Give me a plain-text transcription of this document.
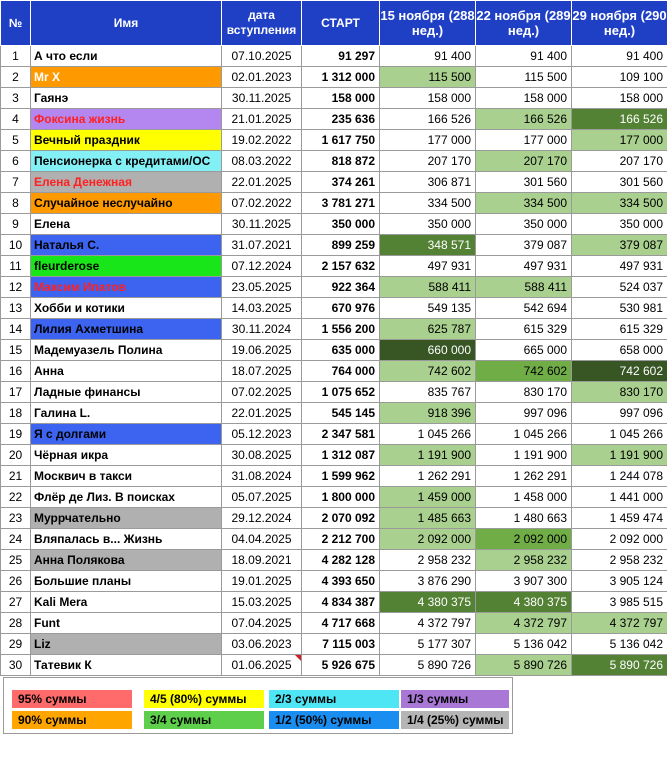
№	Имя	дата вступления	СТАРТ	15 ноября (288 нед.)	22 ноября (289 нед.)	29 ноября (290 нед.)
1	А что если	07.10.2025	91 297	91 400	91 400	91 400
2	Mr X	02.01.2023	1 312 000	115 500	115 500	109 100
3	Гаянэ	30.11.2025	158 000	158 000	158 000	158 000
4	Фоксина жизнь	21.01.2025	235 636	166 526	166 526	166 526
5	Вечный праздник	19.02.2022	1 617 750	177 000	177 000	177 000
6	Пенсионерка с кредитами/ОС	08.03.2022	818 872	207 170	207 170	207 170
7	Елена Денежная	22.01.2025	374 261	306 871	301 560	301 560
8	Случайное неслучайно	07.02.2022	3 781 271	334 500	334 500	334 500
9	Елена	30.11.2025	350 000	350 000	350 000	350 000
10	Наталья С.	31.07.2021	899 259	348 571	379 087	379 087
11	fleurderose	07.12.2024	2 157 632	497 931	497 931	497 931
12	Максим Ипатов	23.05.2025	922 364	588 411	588 411	524 037
13	Хобби и котики	14.03.2025	670 976	549 135	542 694	530 981
14	Лилия Ахметшина	30.11.2024	1 556 200	625 787	615 329	615 329
15	Мадемуазель Полина	19.06.2025	635 000	660 000	665 000	658 000
16	Анна	18.07.2025	764 000	742 602	742 602	742 602
17	Ладные финансы	07.02.2025	1 075 652	835 767	830 170	830 170
18	Галина L.	22.01.2025	545 145	918 396	997 096	997 096
19	Я с долгами	05.12.2023	2 347 581	1 045 266	1 045 266	1 045 266
20	Чёрная икра	30.08.2025	1 312 087	1 191 900	1 191 900	1 191 900
21	Москвич в такси	31.08.2024	1 599 962	1 262 291	1 262 291	1 244 078
22	Флёр де Лиз. В поисках	05.07.2025	1 800 000	1 459 000	1 458 000	1 441 000
23	Муррчательно	29.12.2024	2 070 092	1 485 663	1 480 663	1 459 474
24	Вляпалась в... Жизнь	04.04.2025	2 212 700	2 092 000	2 092 000	2 092 000
25	Анна Полякова	18.09.2021	4 282 128	2 958 232	2 958 232	2 958 232
26	Большие планы	19.01.2025	4 393 650	3 876 290	3 907 300	3 905 124
27	Kali Mera	15.03.2025	4 834 387	4 380 375	4 380 375	3 985 515
28	Funt	07.04.2025	4 717 668	4 372 797	4 372 797	4 372 797
29	Liz	03.06.2023	7 115 003	5 177 307	5 136 042	5 136 042
30	Татевик К	01.06.2025	5 926 675	5 890 726	5 890 726	5 890 726
95% суммы	4/5 (80%) суммы	2/3 суммы	1/3 суммы
90% суммы	3/4 суммы	1/2 (50%) суммы	1/4 (25%) суммы
